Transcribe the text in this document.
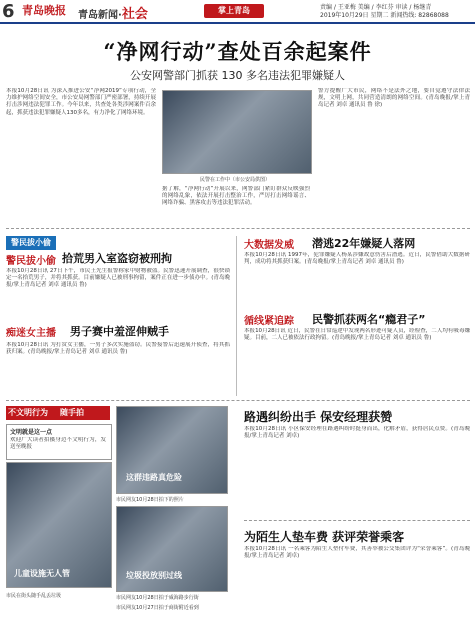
6 青岛晚报 青岛新闻·社会	掌上青岛	责编 / 王亚梅 美编 / 李红芬 审读 / 杨继青
2019年10月29日 星期二 新闻热线: 82868088
“净网行动”查处百余起案件
公安网警部门抓获 130 多名违法犯罪嫌疑人
本报10月28日讯 为深入推进公安“净网2019”专项行动，全力维护网络空间安全，市公安局网警部门严密部署，持续开展打击涉网违法犯罪工作。今年以来，共查处各类涉网案件百余起，抓获违法犯罪嫌疑人130多名，有力净化了网络环境。
民警在工作中（市公安局供图）
据了解，“净网行动”开展以来，网警部门紧盯群众反映强烈的网络乱象，依法开展打击整治工作，严厉打击网络谣言、网络诈骗、黑客攻击等违法犯罪活动。
警方提醒广大市民，网络不是法外之地，要自觉遵守法律法规，文明上网，共同营造清朗的网络空间。(青岛晚报/掌上青岛记者 刘卓 通讯员 鲁 徐)
警民拔小偷
警民拔小偷 拾荒男入室盗窃被刑拘
本报10月28日讯 27日下午，市民王先生报警称家中财物被盗。民警迅速开展调查，很快锁定一名拾荒男子，并将其抓获。目前嫌疑人已被刑事拘留，案件正在进一步侦办中。(青岛晚报/掌上青岛记者 刘卓 通讯员 鲁)
痴迷女主播 男子赛中羞涩伸贼手
本报10月28日讯 为打赏女主播，一男子多次实施盗窃。民警接警后迅速展开侦查，将其抓获归案。(青岛晚报/掌上青岛记者 刘卓 通讯员 鲁)
大数据发威 潜逃22年嫌疑人落网
本报10月28日讯 1997年，犯罪嫌疑人杨某涉嫌故意伤害后潜逃。近日，民警借助大数据研判，成功将其抓获归案。(青岛晚报/掌上青岛记者 刘卓 通讯员 鲁)
循线紧追踪 民警抓获两名“瘾君子”
本报10月28日讯 近日，民警在日常巡逻中发现两名形迹可疑人员，经检查，二人均有吸毒嫌疑。目前，二人已被依法行政拘留。(青岛晚报/掌上青岛记者 刘卓 通讯员 鲁)
不文明行为 随手拍
文明就是这一点
欢迎广大读者拍摄身边不文明行为，发送至晚报
儿童设施无人管
市民在街头随手乱丢垃圾
这群违路真危险
市民网友10月28日拍下的照片
垃圾投放别过线
市民网友10月28日拍于威海路步行街
市民网友10月27日拍于商街附近看到
路遇纠纷出手 保安经理获赞
本报10月28日讯 小区保安经理在路遇纠纷时挺身而出，化解矛盾，获得居民点赞。(青岛晚报/掌上青岛记者 刘卓)
为陌生人垫车费 获评荣誉乘客
本报10月28日讯 一名乘客为陌生人垫付车费，其善举被公交集团评为“荣誉乘客”。(青岛晚报/掌上青岛记者 刘卓)
